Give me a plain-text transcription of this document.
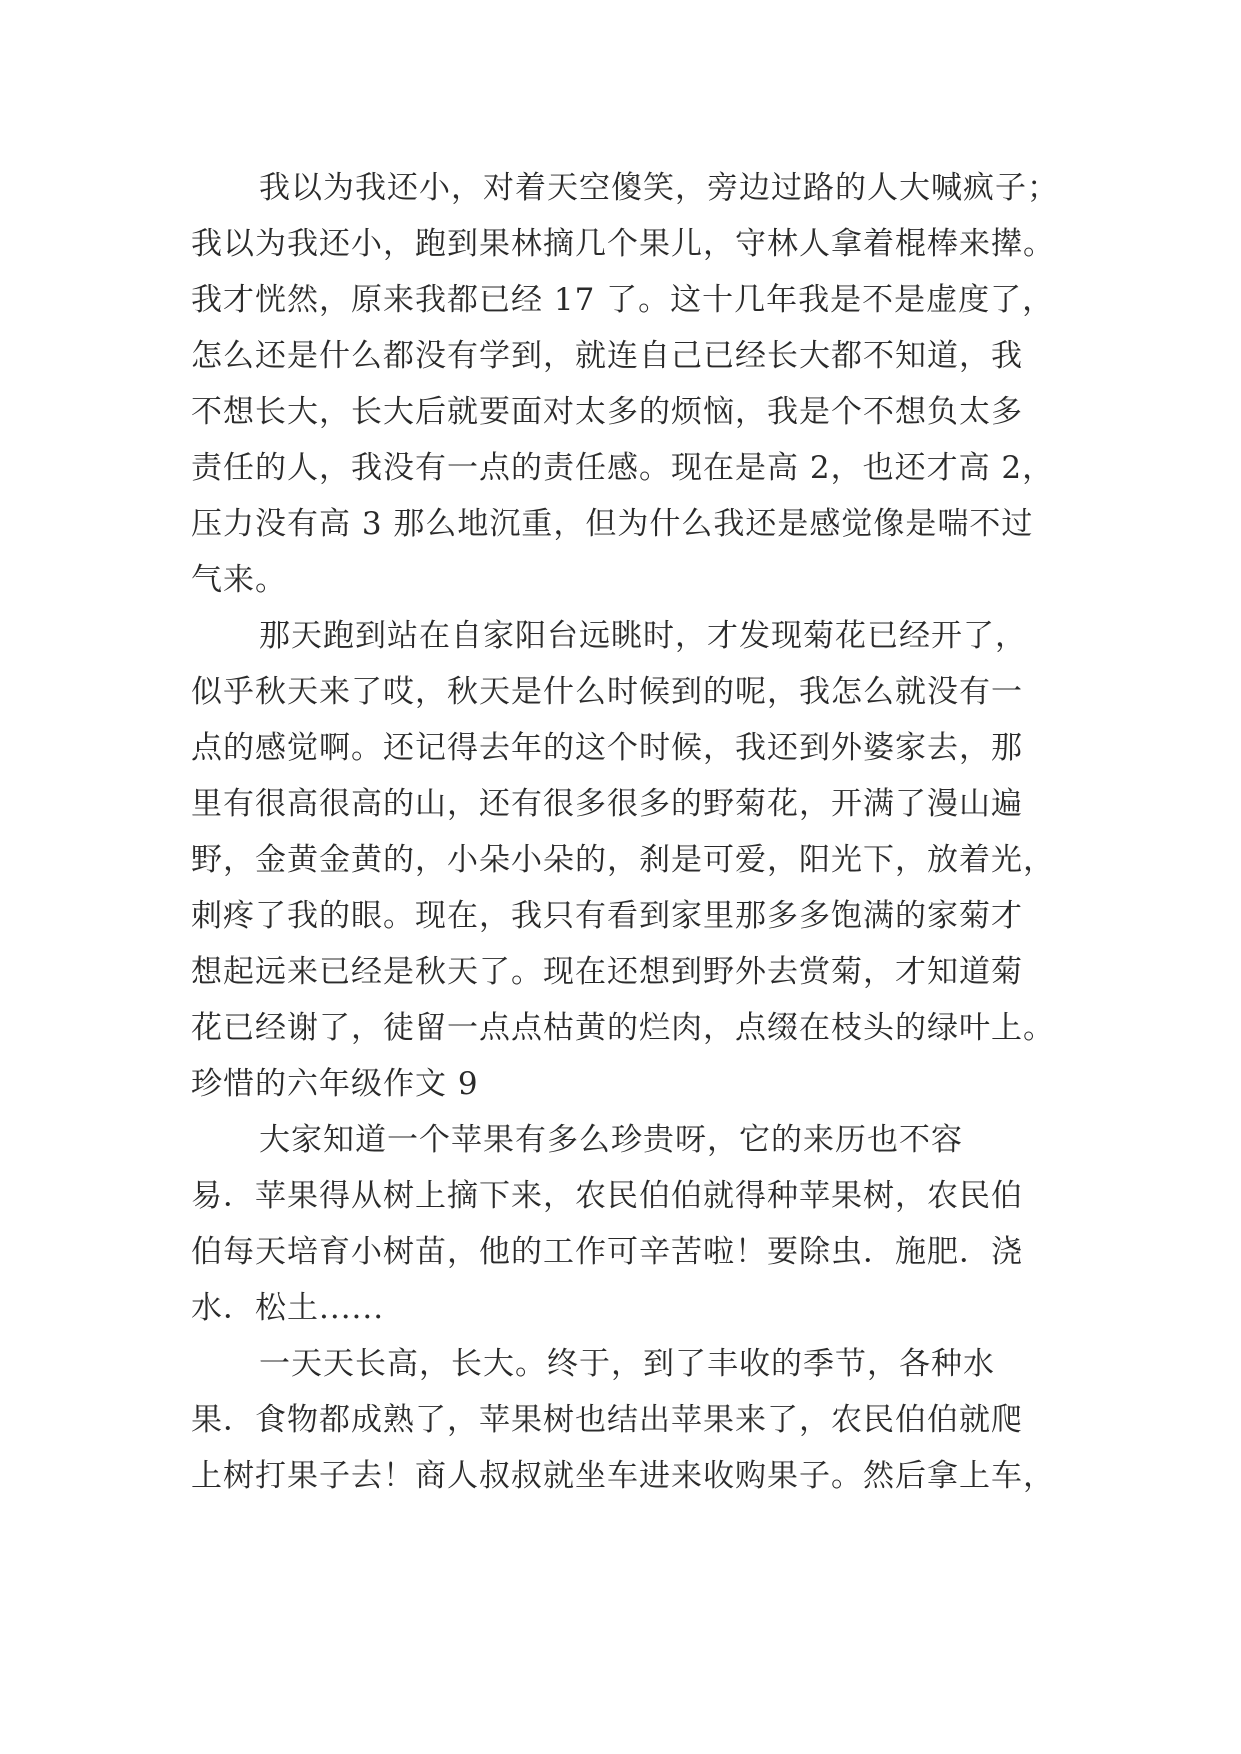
我以为我还小，对着天空傻笑，旁边过路的人大喊疯子；
我以为我还小，跑到果林摘几个果儿，守林人拿着棍棒来撵。
我才恍然，原来我都已经 17 了。这十几年我是不是虚度了，
怎么还是什么都没有学到，就连自己已经长大都不知道，我
不想长大，长大后就要面对太多的烦恼，我是个不想负太多
责任的人，我没有一点的责任感。现在是高 2，也还才高 2，
压力没有高 3 那么地沉重，但为什么我还是感觉像是喘不过
气来。
那天跑到站在自家阳台远眺时，才发现菊花已经开了，
似乎秋天来了哎，秋天是什么时候到的呢，我怎么就没有一
点的感觉啊。还记得去年的这个时候，我还到外婆家去，那
里有很高很高的山，还有很多很多的野菊花，开满了漫山遍
野，金黄金黄的，小朵小朵的，刹是可爱，阳光下，放着光，
刺疼了我的眼。现在，我只有看到家里那多多饱满的家菊才
想起远来已经是秋天了。现在还想到野外去赏菊，才知道菊
花已经谢了，徒留一点点枯黄的烂肉，点缀在枝头的绿叶上。
珍惜的六年级作文 9
大家知道一个苹果有多么珍贵呀，它的来历也不容
易．苹果得从树上摘下来，农民伯伯就得种苹果树，农民伯
伯每天培育小树苗，他的工作可辛苦啦！要除虫．施肥．浇
水．松土......
一天天长高，长大。终于，到了丰收的季节，各种水
果．食物都成熟了，苹果树也结出苹果来了，农民伯伯就爬
上树打果子去！商人叔叔就坐车进来收购果子。然后拿上车，
